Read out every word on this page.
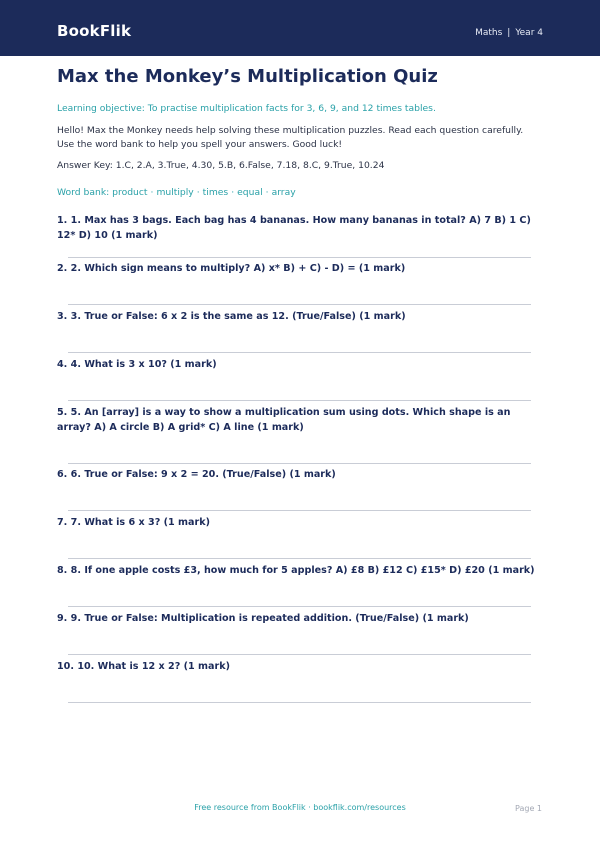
BookFlik	Maths | Year 4
Max the Monkey’s Multiplication Quiz

Learning objective: To practise multiplication facts for 3, 6, 9, and 12 times tables.

Hello! Max the Monkey needs help solving these multiplication puzzles. Read each question carefully. Use the word bank to help you spell your answers. Good luck!

Answer Key: 1.C, 2.A, 3.True, 4.30, 5.B, 6.False, 7.18, 8.C, 9.True, 10.24

Word bank: product · multiply · times · equal · array

1. 1. Max has 3 bags. Each bag has 4 bananas. How many bananas in total? A) 7 B) 1 C) 12* D) 10 (1 mark)
2. 2. Which sign means to multiply? A) x* B) + C) - D) = (1 mark)
3. 3. True or False: 6 x 2 is the same as 12. (True/False) (1 mark)
4. 4. What is 3 x 10? (1 mark)
5. 5. An [array] is a way to show a multiplication sum using dots. Which shape is an array? A) A circle B) A grid* C) A line (1 mark)
6. 6. True or False: 9 x 2 = 20. (True/False) (1 mark)
7. 7. What is 6 x 3? (1 mark)
8. 8. If one apple costs £3, how much for 5 apples? A) £8 B) £12 C) £15* D) £20 (1 mark)
9. 9. True or False: Multiplication is repeated addition. (True/False) (1 mark)
10. 10. What is 12 x 2? (1 mark)
Free resource from BookFlik · bookflik.com/resources	Page 1
